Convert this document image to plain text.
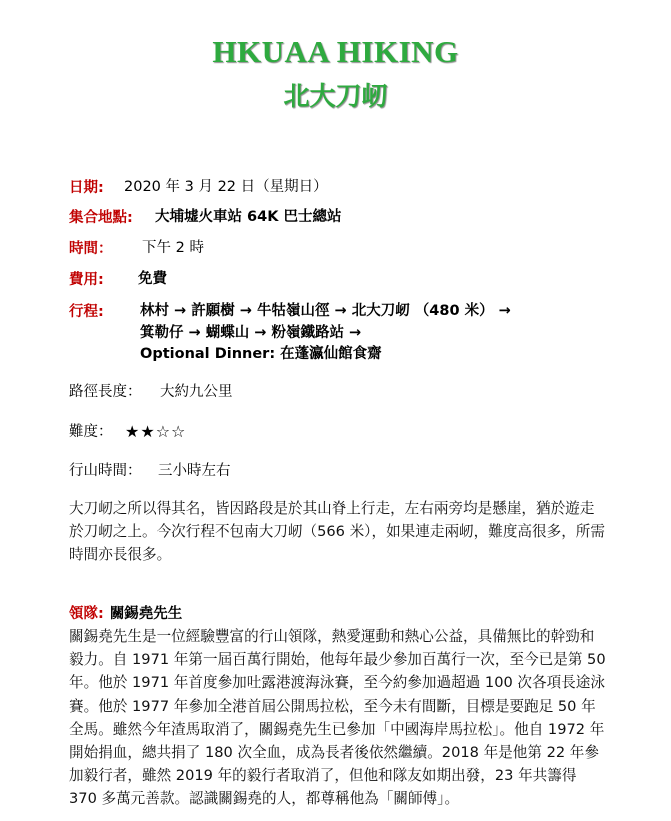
HKUAA HIKING
北大刀屻
日期: 2020 年 3 月 22 日（星期日）
集合地點: 大埔墟火車站 64K 巴士總站
時間： 下午 2 時
費用: 免費
行程: 林村 → 許願樹 → 牛牯嶺山徑 → 北大刀屻 （480 米） →
箕勒仔 → 蝴蝶山 → 粉嶺鐵路站 →
Optional Dinner: 在蓬瀛仙館食齋
路徑長度： 大約九公里
難度： ★★☆☆
行山時間： 三小時左右
大刀屻之所以得其名，皆因路段是於其山脊上行走，左右兩旁均是懸崖，猶於遊走於刀屻之上。今次行程不包南大刀屻（566 米），如果連走兩屻，難度高很多，所需時間亦長很多。
領隊: 關錫堯先生
關錫堯先生是一位經驗豐富的行山領隊，熱愛運動和熱心公益，具備無比的幹勁和毅力。自 1971 年第一屆百萬行開始，他每年最少參加百萬行一次，至今已是第 50 年。他於 1971 年首度參加吐露港渡海泳賽，至今約參加過超過 100 次各項長途泳賽。他於 1977 年參加全港首屆公開馬拉松，至今未有間斷，目標是要跑足 50 年全馬。雖然今年渣馬取消了，關錫堯先生已參加「中國海岸馬拉松」。他自 1972 年開始捐血，總共捐了 180 次全血，成為長者後依然繼續。2018 年是他第 22 年參加毅行者，雖然 2019 年的毅行者取消了，但他和隊友如期出發，23 年共籌得 370 多萬元善款。認識關錫堯的人，都尊稱他為「關師傅」。
